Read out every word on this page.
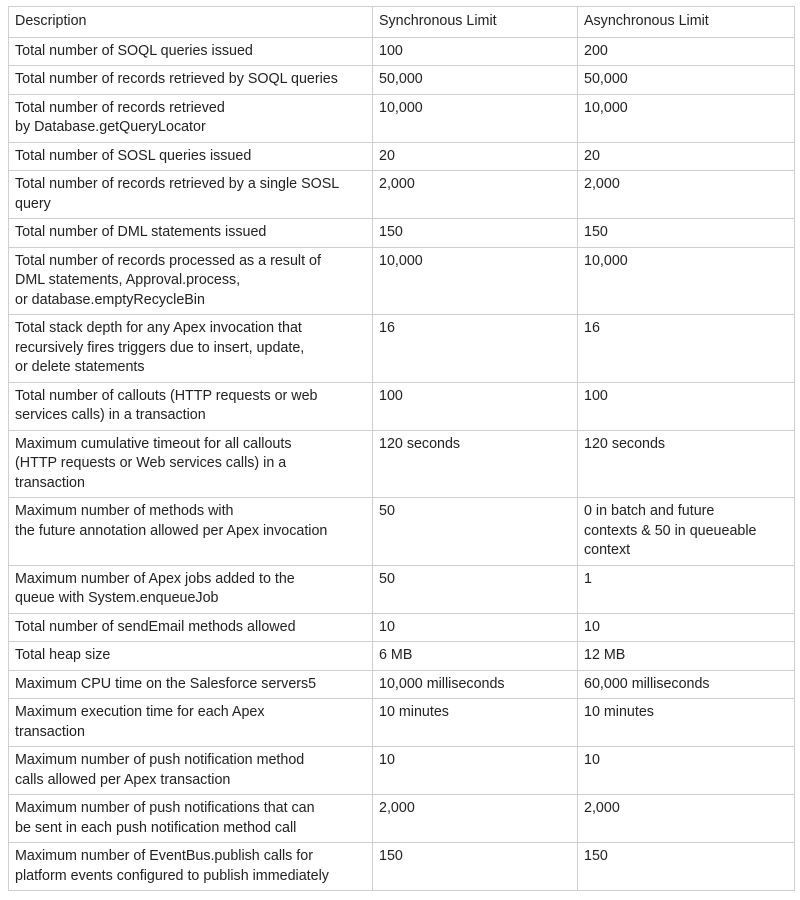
Description	Synchronous Limit	Asynchronous Limit
Total number of SOQL queries issued	100	200
Total number of records retrieved by SOQL queries	50,000	50,000
Total number of records retrieved
by Database.getQueryLocator	10,000	10,000
Total number of SOSL queries issued	20	20
Total number of records retrieved by a single SOSL
query	2,000	2,000
Total number of DML statements issued	150	150
Total number of records processed as a result of
DML statements, Approval.process,
or database.emptyRecycleBin	10,000	10,000
Total stack depth for any Apex invocation that
recursively fires triggers due to insert, update,
or delete statements	16	16
Total number of callouts (HTTP requests or web
services calls) in a transaction	100	100
Maximum cumulative timeout for all callouts
(HTTP requests or Web services calls) in a
transaction	120 seconds	120 seconds
Maximum number of methods with
the future annotation allowed per Apex invocation	50	0 in batch and future
contexts & 50 in queueable
context
Maximum number of Apex jobs added to the
queue with System.enqueueJob	50	1
Total number of sendEmail methods allowed	10	10
Total heap size	6 MB	12 MB
Maximum CPU time on the Salesforce servers5	10,000 milliseconds	60,000 milliseconds
Maximum execution time for each Apex
transaction	10 minutes	10 minutes
Maximum number of push notification method
calls allowed per Apex transaction	10	10
Maximum number of push notifications that can
be sent in each push notification method call	2,000	2,000
Maximum number of EventBus.publish calls for
platform events configured to publish immediately	150	150
